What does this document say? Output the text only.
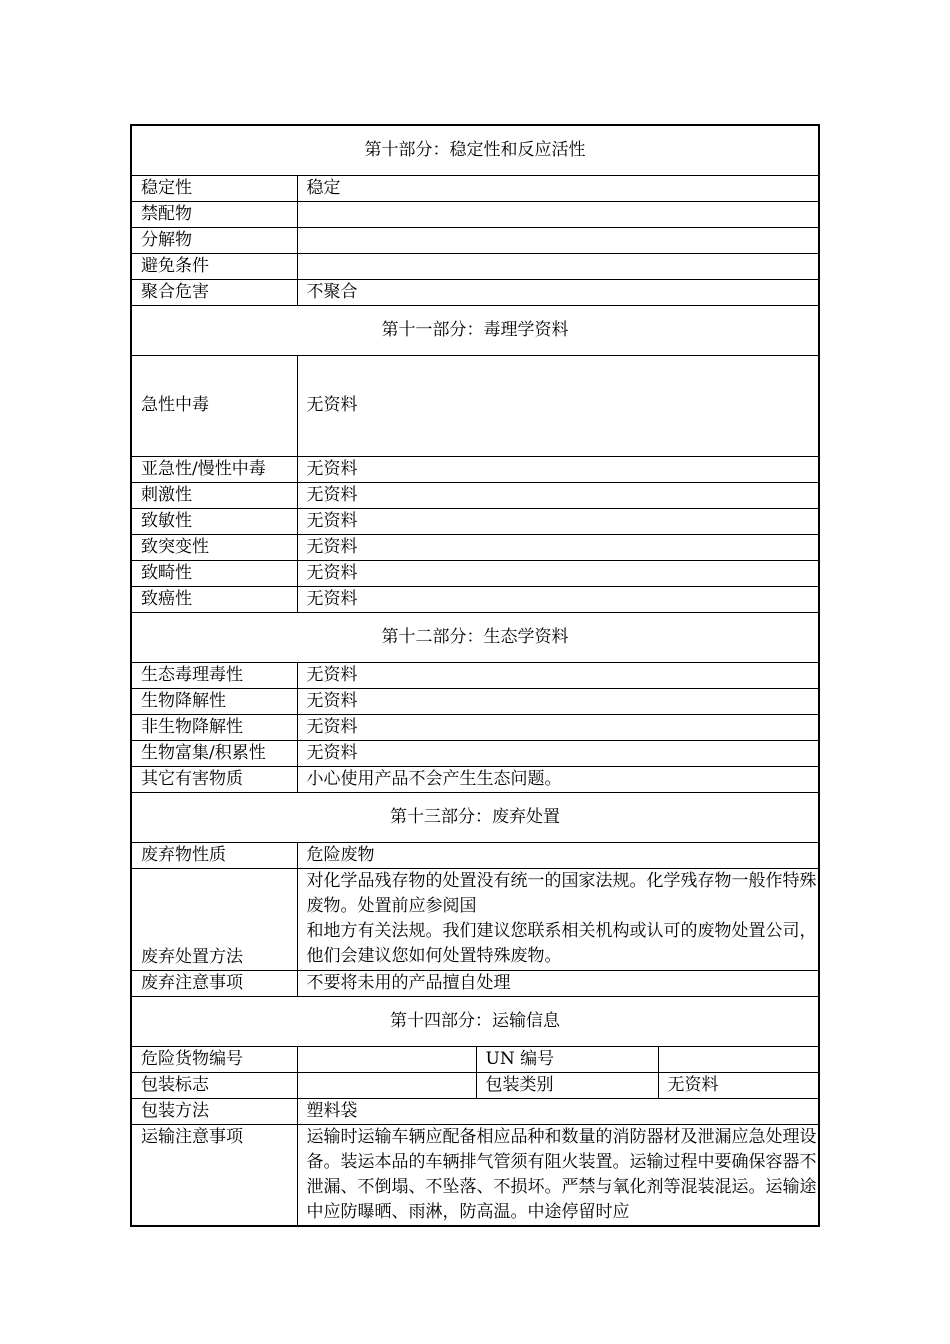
第十部分：稳定性和反应活性			
稳定性	稳定		
禁配物			
分解物			
避免条件			
聚合危害	不聚合		
第十一部分：毒理学资料			
急性中毒	无资料		
亚急性/慢性中毒	无资料		
刺激性	无资料		
致敏性	无资料		
致突变性	无资料		
致畸性	无资料		
致癌性	无资料		
第十二部分：生态学资料			
生态毒理毒性	无资料		
生物降解性	无资料		
非生物降解性	无资料		
生物富集/积累性	无资料		
其它有害物质	小心使用产品不会产生生态问题。		
第十三部分：废弃处置			
废弃物性质	危险废物		
废弃处置方法	对化学品残存物的处置没有统一的国家法规。化学残存物一般作特殊废物。处置前应参阅国
和地方有关法规。我们建议您联系相关机构或认可的废物处置公司，他们会建议您如何处置特殊废物。		

废弃注意事项	不要将未用的产品擅自处理		
第十四部分：运输信息			
危险货物编号		UN 编号	
包装标志		包装类别	无资料
包装方法	塑料袋		
运输注意事项	运输时运输车辆应配备相应品种和数量的消防器材及泄漏应急处理设备。装运本品的车辆排气管须有阻火装置。运输过程中要确保容器不泄漏、不倒塌、不坠落、不损坏。严禁与氧化剂等混装混运。运输途中应防曝晒、雨淋，防高温。中途停留时应		
